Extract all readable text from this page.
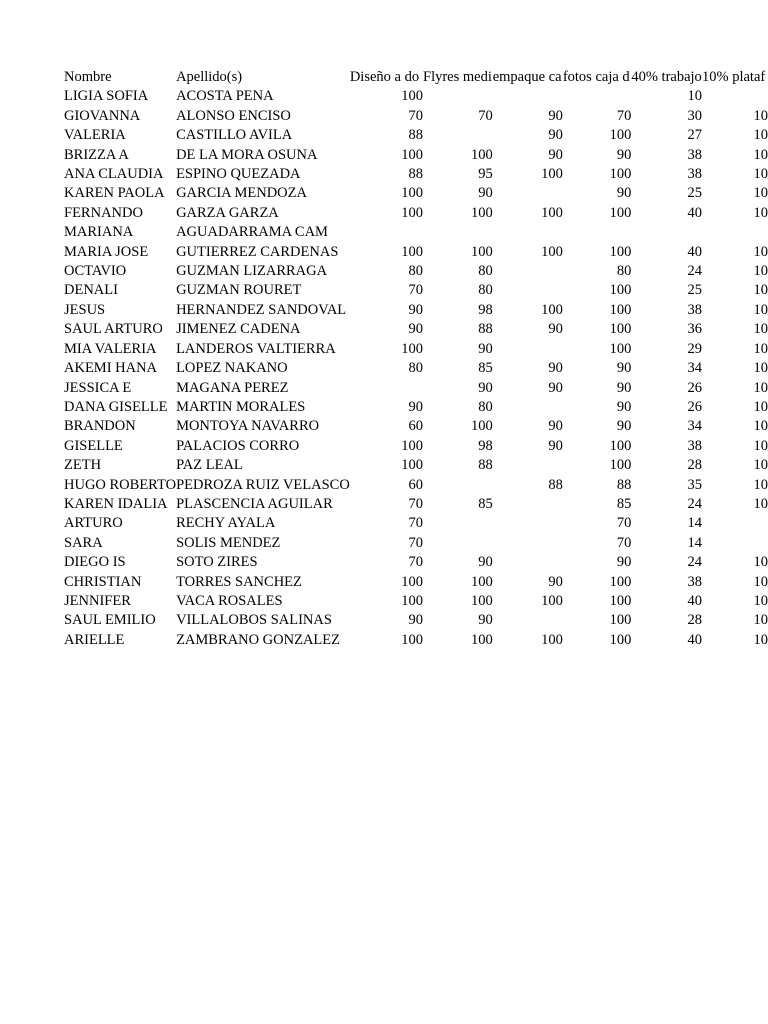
Nombre	Apellido(s)	Diseño a do	Flyres medi	empaque ca	fotos caja d	40% trabajo	10% plataf
LIGIA SOFIA	ACOSTA PENA	100				10	
GIOVANNA	ALONSO ENCISO	70	70	90	70	30	10
VALERIA	CASTILLO AVILA	88		90	100	27	10
BRIZZA A	DE LA MORA OSUNA	100	100	90	90	38	10
ANA CLAUDIA	ESPINO QUEZADA	88	95	100	100	38	10
KAREN PAOLA	GARCIA MENDOZA	100	90		90	25	10
FERNANDO	GARZA GARZA	100	100	100	100	40	10
MARIANA	AGUADARRAMA CAM						
MARIA JOSE	GUTIERREZ CARDENAS	100	100	100	100	40	10
OCTAVIO	GUZMAN LIZARRAGA	80	80		80	24	10
DENALI	GUZMAN ROURET	70	80		100	25	10
JESUS	HERNANDEZ SANDOVAL	90	98	100	100	38	10
SAUL ARTURO	JIMENEZ CADENA	90	88	90	100	36	10
MIA VALERIA	LANDEROS VALTIERRA	100	90		100	29	10
AKEMI HANA	LOPEZ NAKANO	80	85	90	90	34	10
JESSICA E	MAGANA PEREZ		90	90	90	26	10
DANA GISELLE	MARTIN MORALES	90	80		90	26	10
BRANDON	MONTOYA NAVARRO	60	100	90	90	34	10
GISELLE	PALACIOS CORRO	100	98	90	100	38	10
ZETH	PAZ LEAL	100	88		100	28	10
HUGO ROBERTO	PEDROZA RUIZ VELASCO	60		88	88	35	10
KAREN IDALIA	PLASCENCIA AGUILAR	70	85		85	24	10
ARTURO	RECHY AYALA	70			70	14	
SARA	SOLIS MENDEZ	70			70	14	
DIEGO IS	SOTO ZIRES	70	90		90	24	10
CHRISTIAN	TORRES SANCHEZ	100	100	90	100	38	10
JENNIFER	VACA ROSALES	100	100	100	100	40	10
SAUL EMILIO	VILLALOBOS SALINAS	90	90		100	28	10
ARIELLE	ZAMBRANO GONZALEZ	100	100	100	100	40	10
